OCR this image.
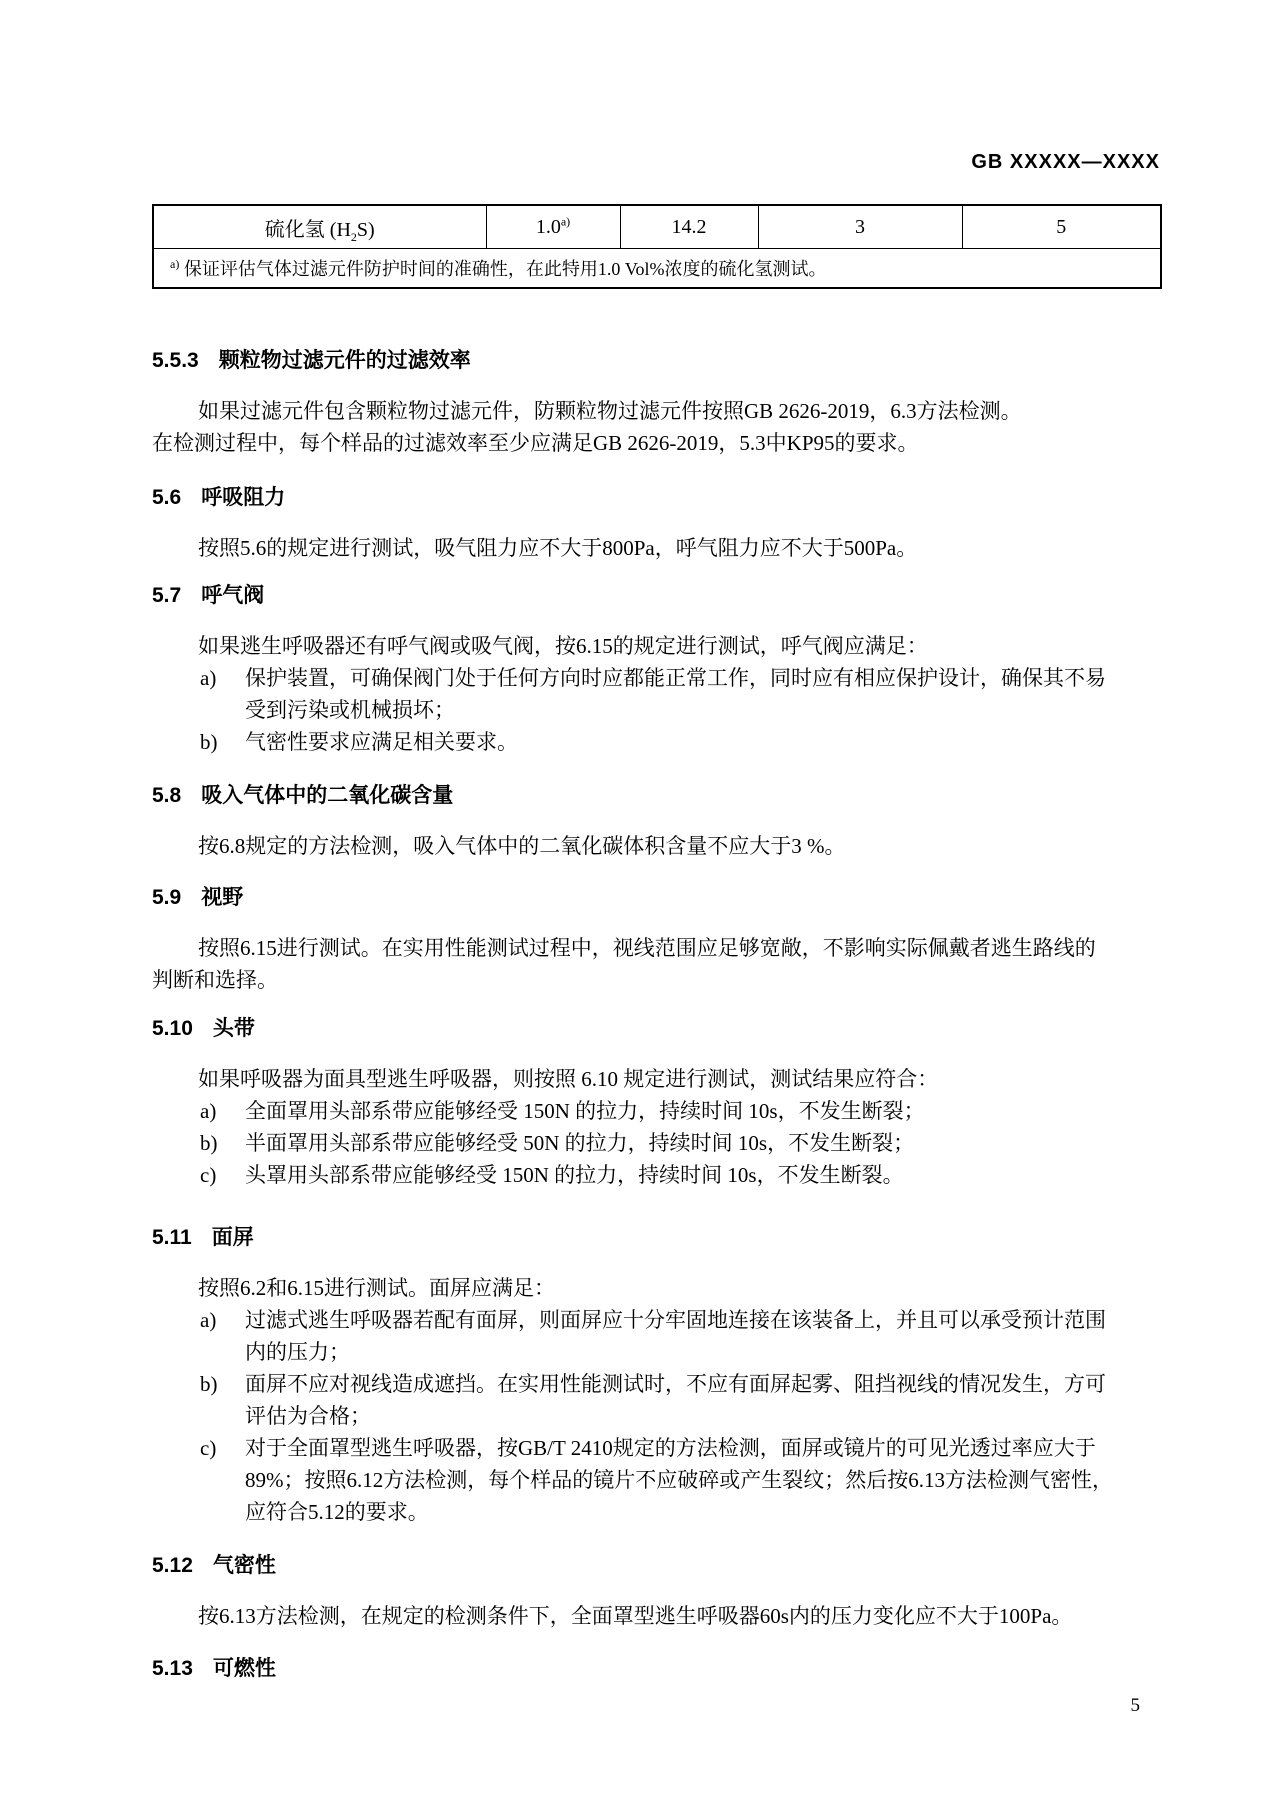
GB XXXXX—XXXX
硫化氢 $(H_2S)$	1.0$^{a)}$	14.2	3	5
$^{a)}$ 保证评估气体过滤元件防护时间的准确性，在此特用1.0 Vol%浓度的硫化氢测试。
5.5.3 颗粒物过滤元件的过滤效率
如果过滤元件包含颗粒物过滤元件，防颗粒物过滤元件按照GB 2626-2019，6.3方法检测。
在检测过程中，每个样品的过滤效率至少应满足GB 2626-2019，5.3中KP95的要求。
5.6 呼吸阻力
按照5.6的规定进行测试，吸气阻力应不大于800Pa，呼气阻力应不大于500Pa。
5.7 呼气阀
如果逃生呼吸器还有呼气阀或吸气阀，按6.15的规定进行测试，呼气阀应满足：
a) 保护装置，可确保阀门处于任何方向时应都能正常工作，同时应有相应保护设计，确保其不易
受到污染或机械损坏；
b) 气密性要求应满足相关要求。
5.8 吸入气体中的二氧化碳含量
按6.8规定的方法检测，吸入气体中的二氧化碳体积含量不应大于3 %。
5.9 视野
按照6.15进行测试。在实用性能测试过程中，视线范围应足够宽敞，不影响实际佩戴者逃生路线的
判断和选择。
5.10 头带
如果呼吸器为面具型逃生呼吸器，则按照 6.10 规定进行测试，测试结果应符合：
a) 全面罩用头部系带应能够经受 150N 的拉力，持续时间 10s，不发生断裂；
b) 半面罩用头部系带应能够经受 50N 的拉力，持续时间 10s，不发生断裂；
c) 头罩用头部系带应能够经受 150N 的拉力，持续时间 10s，不发生断裂。
5.11 面屏
按照6.2和6.15进行测试。面屏应满足：
a) 过滤式逃生呼吸器若配有面屏，则面屏应十分牢固地连接在该装备上，并且可以承受预计范围
内的压力；
b) 面屏不应对视线造成遮挡。在实用性能测试时，不应有面屏起雾、阻挡视线的情况发生，方可
评估为合格；
c) 对于全面罩型逃生呼吸器，按GB/T 2410规定的方法检测，面屏或镜片的可见光透过率应大于
89%；按照6.12方法检测，每个样品的镜片不应破碎或产生裂纹；然后按6.13方法检测气密性，
应符合5.12的要求。
5.12 气密性
按6.13方法检测，在规定的检测条件下，全面罩型逃生呼吸器60s内的压力变化应不大于100Pa。
5.13 可燃性
5
